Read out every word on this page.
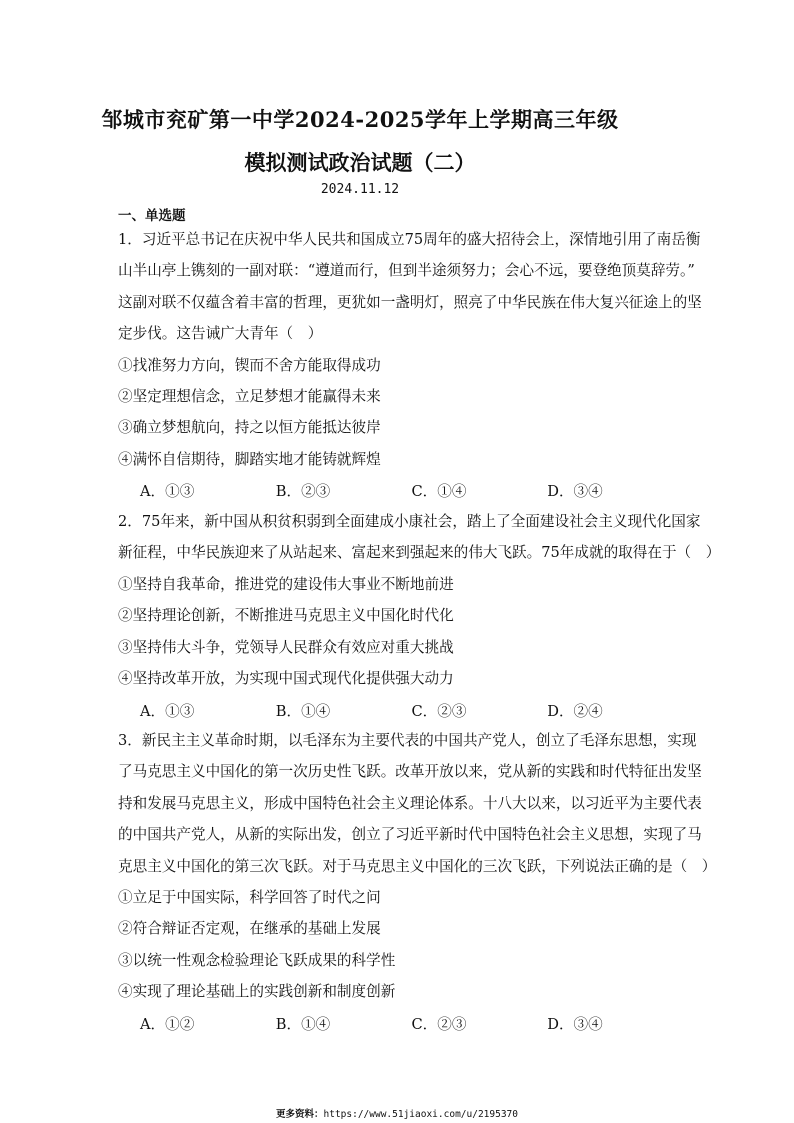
邹城市兖矿第一中学2024-2025学年上学期高三年级
模拟测试政治试题（二）
2024.11.12
一、单选题
1．习近平总书记在庆祝中华人民共和国成立75周年的盛大招待会上，深情地引用了南岳衡
山半山亭上镌刻的一副对联：“遵道而行，但到半途须努力；会心不远，要登绝顶莫辞劳。”
这副对联不仅蕴含着丰富的哲理，更犹如一盏明灯，照亮了中华民族在伟大复兴征途上的坚
定步伐。这告诫广大青年（　）
①找准努力方向，锲而不舍方能取得成功
②坚定理想信念，立足梦想才能赢得未来
③确立梦想航向，持之以恒方能抵达彼岸
④满怀自信期待，脚踏实地才能铸就辉煌
A．①③	B．②③	C．①④	D．③④
2．75年来，新中国从积贫积弱到全面建成小康社会，踏上了全面建设社会主义现代化国家
新征程，中华民族迎来了从站起来、富起来到强起来的伟大飞跃。75年成就的取得在于（　）
①坚持自我革命，推进党的建设伟大事业不断地前进
②坚持理论创新，不断推进马克思主义中国化时代化
③坚持伟大斗争，党领导人民群众有效应对重大挑战
④坚持改革开放，为实现中国式现代化提供强大动力
A．①③	B．①④	C．②③	D．②④
3．新民主主义革命时期，以毛泽东为主要代表的中国共产党人，创立了毛泽东思想，实现
了马克思主义中国化的第一次历史性飞跃。改革开放以来，党从新的实践和时代特征出发坚
持和发展马克思主义，形成中国特色社会主义理论体系。十八大以来，以习近平为主要代表
的中国共产党人，从新的实际出发，创立了习近平新时代中国特色社会主义思想，实现了马
克思主义中国化的第三次飞跃。对于马克思主义中国化的三次飞跃，下列说法正确的是（　）
①立足于中国实际，科学回答了时代之问
②符合辩证否定观，在继承的基础上发展
③以统一性观念检验理论飞跃成果的科学性
④实现了理论基础上的实践创新和制度创新
A．①②	B．①④	C．②③	D．③④
更多资料：https://www.51jiaoxi.com/u/2195370
